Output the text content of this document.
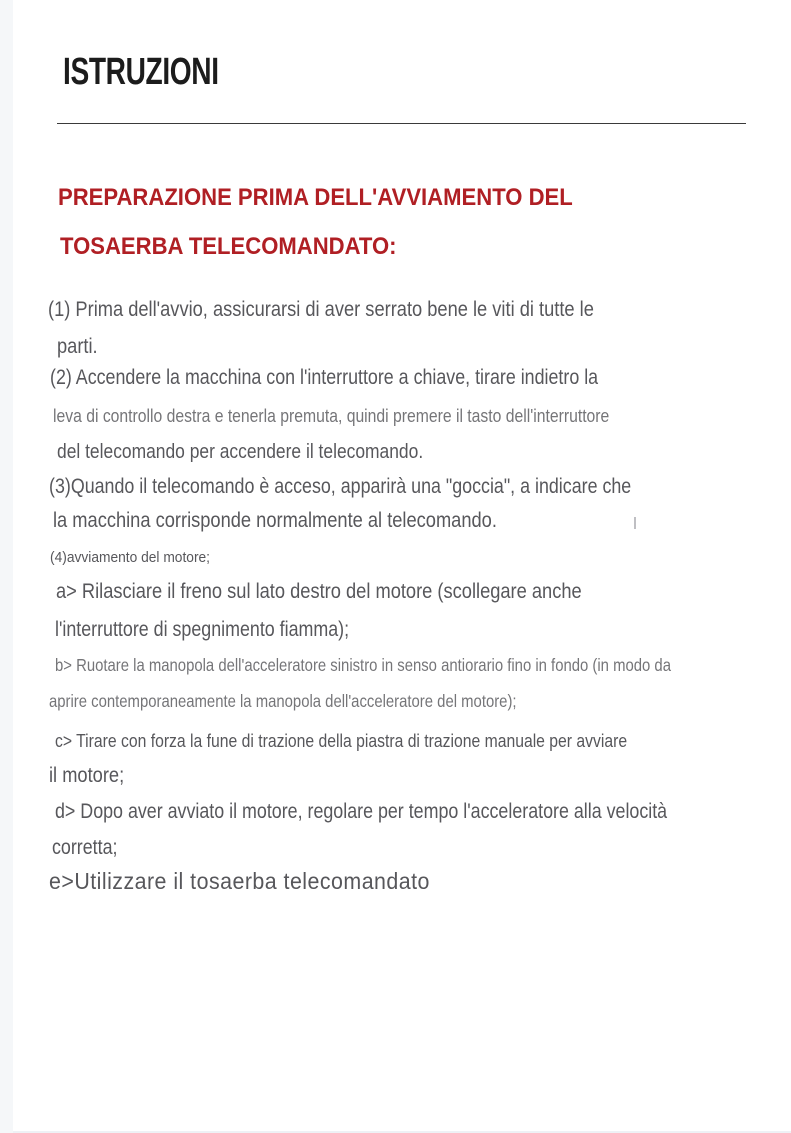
ISTRUZIONI
PREPARAZIONE PRIMA DELL'AVVIAMENTO DEL
TOSAERBA TELECOMANDATO:
(1) Prima dell'avvio, assicurarsi di aver serrato bene le viti di tutte le
parti.
(2) Accendere la macchina con l'interruttore a chiave, tirare indietro la
leva di controllo destra e tenerla premuta, quindi premere il tasto dell'interruttore
del telecomando per accendere il telecomando.
(3)Quando il telecomando è acceso, apparirà una "goccia", a indicare che
la macchina corrisponde normalmente al telecomando.
(4)avviamento del motore;
a> Rilasciare il freno sul lato destro del motore (scollegare anche
l'interruttore di spegnimento fiamma);
b> Ruotare la manopola dell'acceleratore sinistro in senso antiorario fino in fondo (in modo da
aprire contemporaneamente la manopola dell'acceleratore del motore);
c> Tirare con forza la fune di trazione della piastra di trazione manuale per avviare
il motore;
d> Dopo aver avviato il motore, regolare per tempo l'acceleratore alla velocità
corretta;
e>Utilizzare il tosaerba telecomandato
